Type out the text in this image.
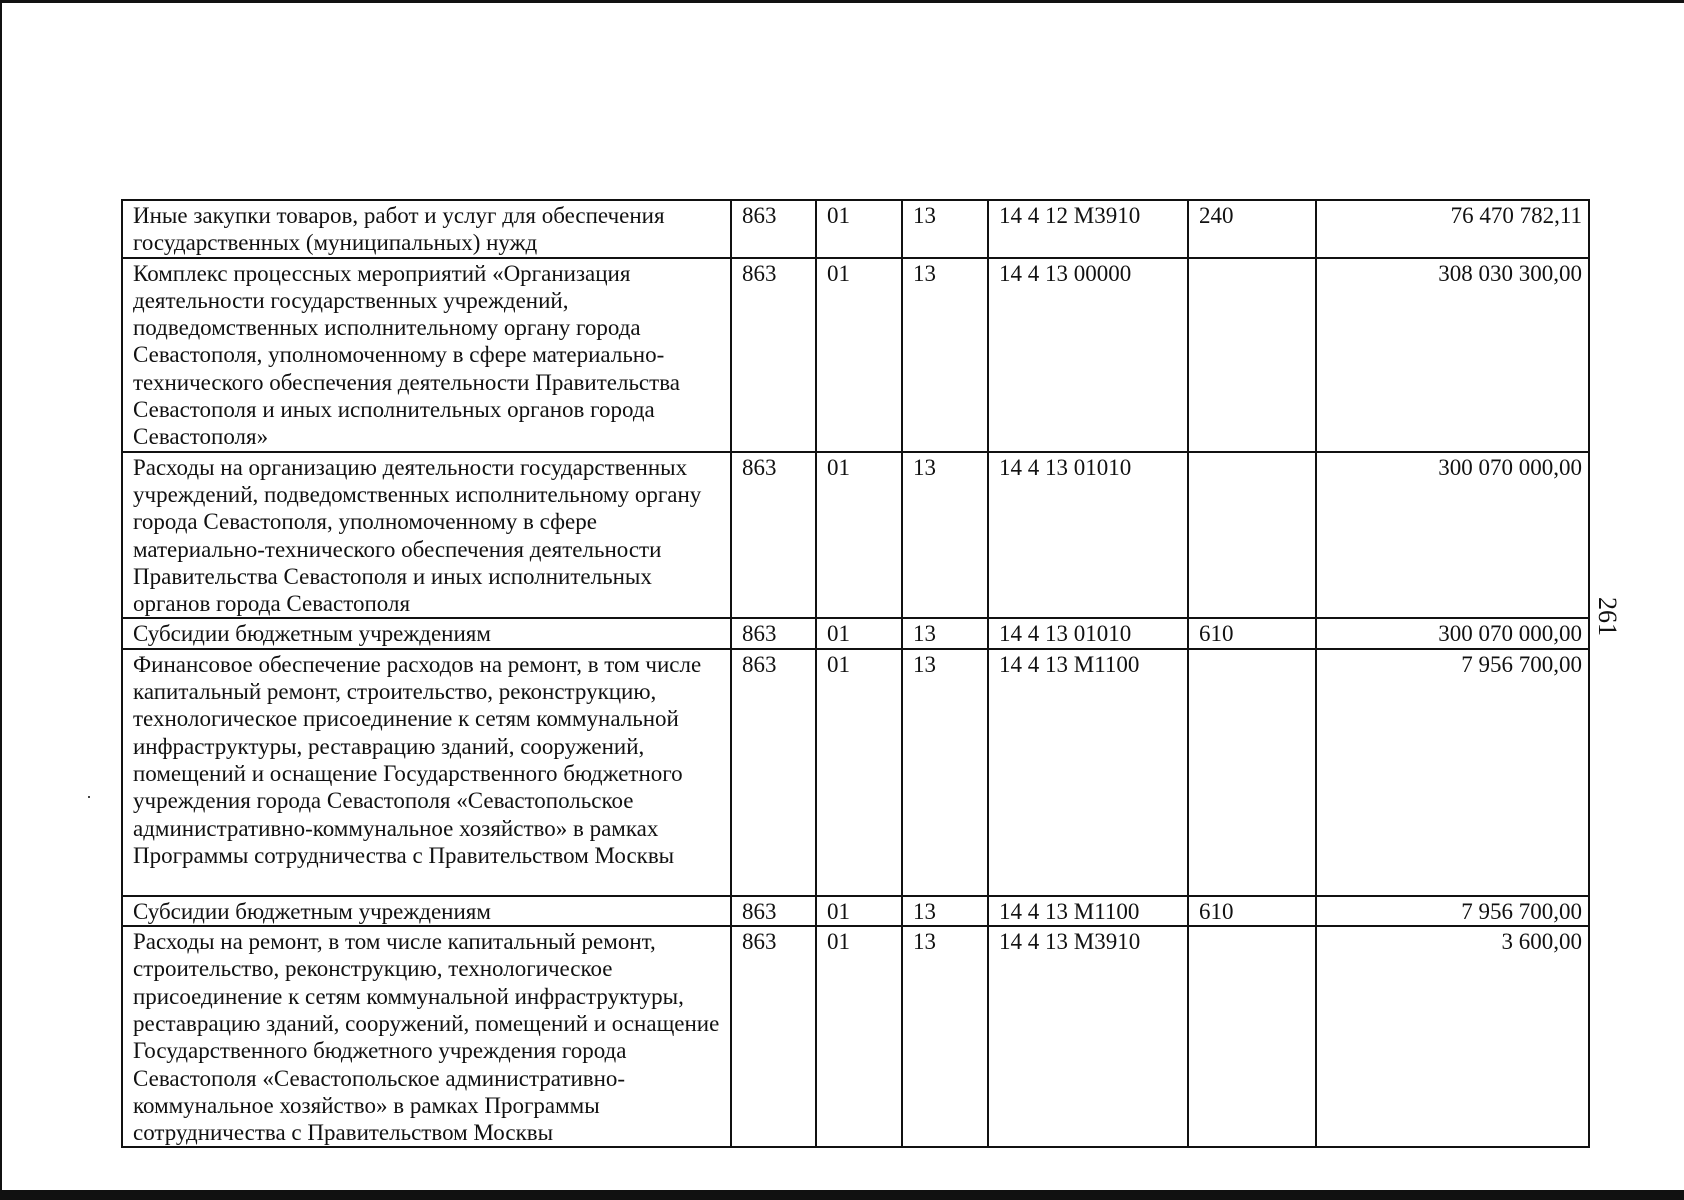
Иные закупки товаров, работ и услуг для обеспечения государственных (муниципальных) нужд	863	01	13	14 4 12 М3910	240	76 470 782,11
Комплекс процессных мероприятий «Организация деятельности государственных учреждений, подведомственных исполнительному органу города Севастополя, уполномоченному в сфере материально-технического обеспечения деятельности Правительства Севастополя и иных исполнительных органов города Севастополя»	863	01	13	14 4 13 00000		308 030 300,00
Расходы на организацию деятельности государственных учреждений, подведомственных исполнительному органу города Севастополя, уполномоченному в сфере материально-технического обеспечения деятельности Правительства Севастополя и иных исполнительных органов города Севастополя	863	01	13	14 4 13 01010		300 070 000,00
Субсидии бюджетным учреждениям	863	01	13	14 4 13 01010	610	300 070 000,00
Финансовое обеспечение расходов на ремонт, в том числе капитальный ремонт, строительство, реконструкцию, технологическое присоединение к сетям коммунальной инфраструктуры, реставрацию зданий, сооружений, помещений и оснащение Государственного бюджетного учреждения города Севастополя «Севастопольское административно-коммунальное хозяйство» в рамках Программы сотрудничества с Правительством Москвы	863	01	13	14 4 13 М1100		7 956 700,00
Субсидии бюджетным учреждениям	863	01	13	14 4 13 М1100	610	7 956 700,00
Расходы на ремонт, в том числе капитальный ремонт, строительство, реконструкцию, технологическое присоединение к сетям коммунальной инфраструктуры, реставрацию зданий, сооружений, помещений и оснащение Государственного бюджетного учреждения города Севастополя «Севастопольское административно-коммунальное хозяйство» в рамках Программы сотрудничества с Правительством Москвы	863	01	13	14 4 13 М3910		3 600,00
261
